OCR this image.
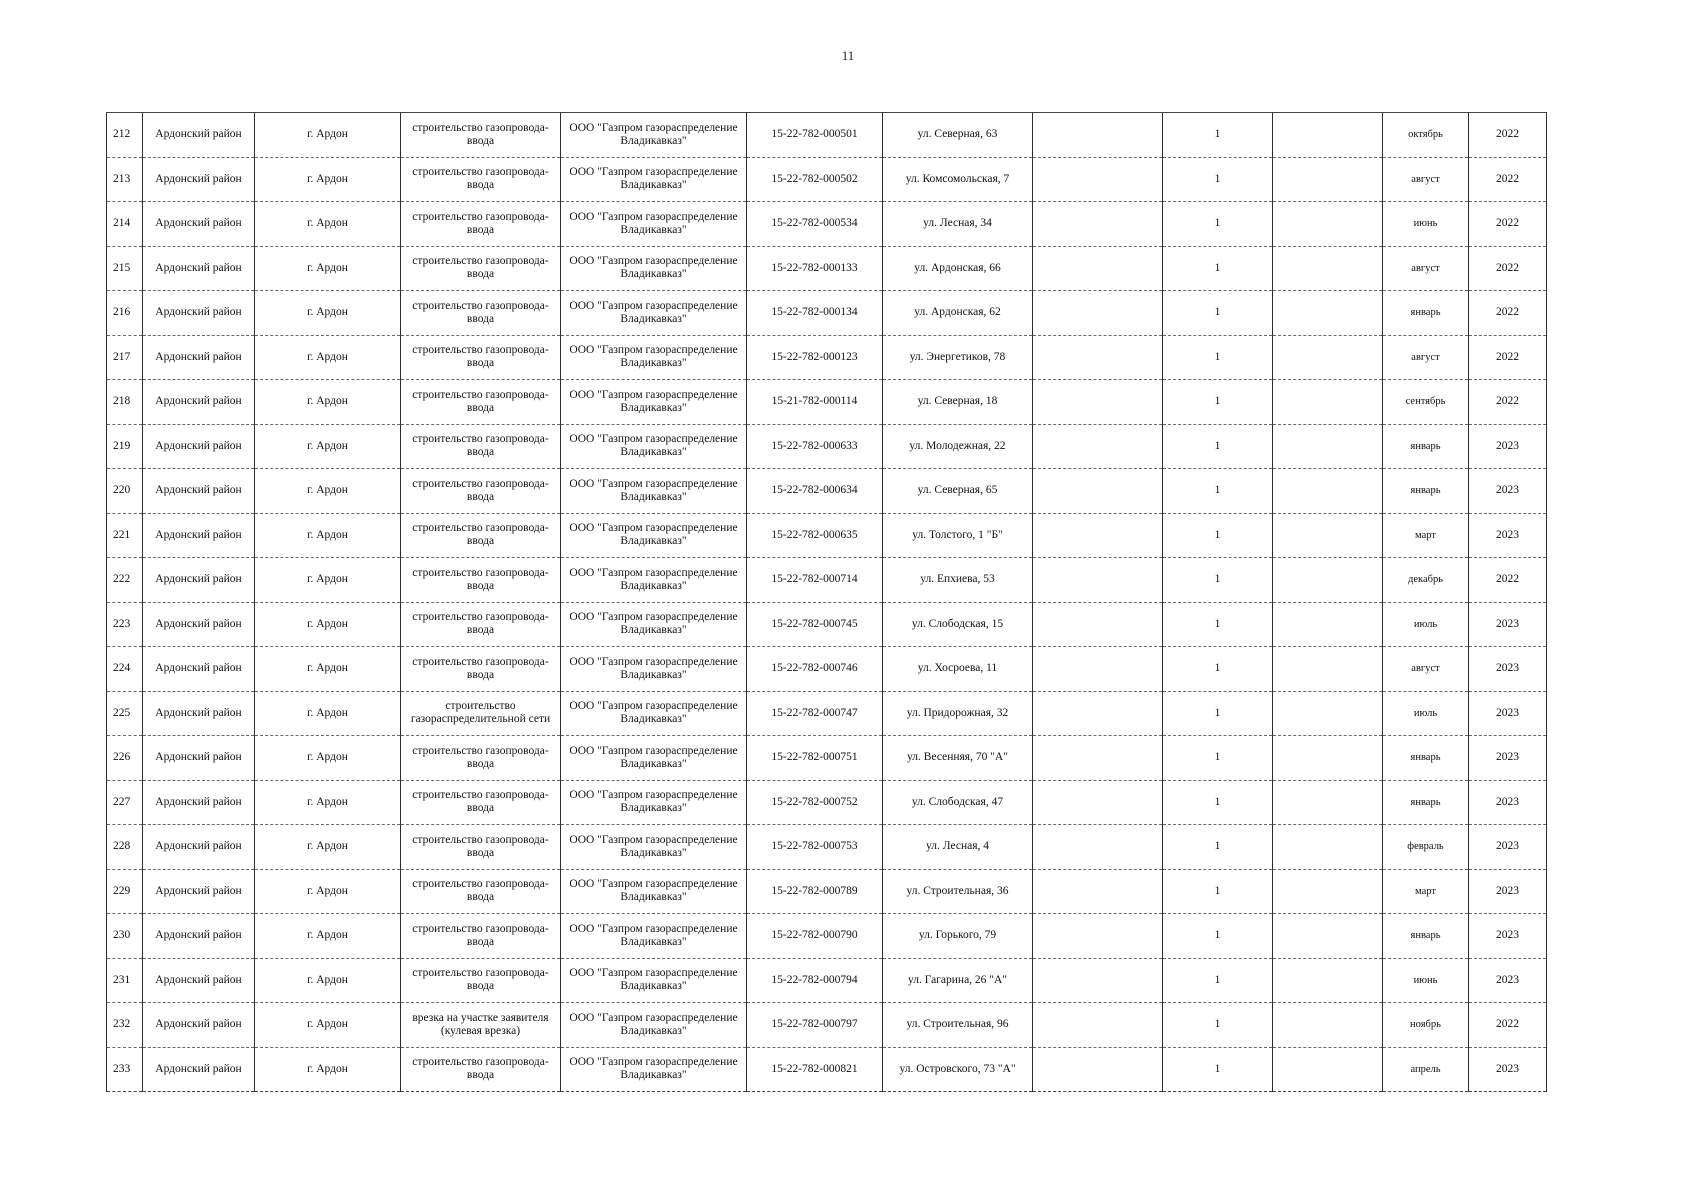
11
212	Ардонский район	г. Ардон	строительство газопровода-ввода	ООО "Газпром газораспределение Владикавказ"	15-22-782-000501	ул. Северная, 63		1		октябрь	2022
213	Ардонский район	г. Ардон	строительство газопровода-ввода	ООО "Газпром газораспределение Владикавказ"	15-22-782-000502	ул. Комсомольская, 7		1		август	2022
214	Ардонский район	г. Ардон	строительство газопровода-ввода	ООО "Газпром газораспределение Владикавказ"	15-22-782-000534	ул. Лесная, 34		1		июнь	2022
215	Ардонский район	г. Ардон	строительство газопровода-ввода	ООО "Газпром газораспределение Владикавказ"	15-22-782-000133	ул. Ардонская, 66		1		август	2022
216	Ардонский район	г. Ардон	строительство газопровода-ввода	ООО "Газпром газораспределение Владикавказ"	15-22-782-000134	ул. Ардонская, 62		1		январь	2022
217	Ардонский район	г. Ардон	строительство газопровода-ввода	ООО "Газпром газораспределение Владикавказ"	15-22-782-000123	ул. Энергетиков, 78		1		август	2022
218	Ардонский район	г. Ардон	строительство газопровода-ввода	ООО "Газпром газораспределение Владикавказ"	15-21-782-000114	ул. Северная, 18		1		сентябрь	2022
219	Ардонский район	г. Ардон	строительство газопровода-ввода	ООО "Газпром газораспределение Владикавказ"	15-22-782-000633	ул. Молодежная, 22		1		январь	2023
220	Ардонский район	г. Ардон	строительство газопровода-ввода	ООО "Газпром газораспределение Владикавказ"	15-22-782-000634	ул. Северная, 65		1		январь	2023
221	Ардонский район	г. Ардон	строительство газопровода-ввода	ООО "Газпром газораспределение Владикавказ"	15-22-782-000635	ул. Толстого, 1 "Б"		1		март	2023
222	Ардонский район	г. Ардон	строительство газопровода-ввода	ООО "Газпром газораспределение Владикавказ"	15-22-782-000714	ул. Епхиева, 53		1		декабрь	2022
223	Ардонский район	г. Ардон	строительство газопровода-ввода	ООО "Газпром газораспределение Владикавказ"	15-22-782-000745	ул. Слободская, 15		1		июль	2023
224	Ардонский район	г. Ардон	строительство газопровода-ввода	ООО "Газпром газораспределение Владикавказ"	15-22-782-000746	ул. Хосроева, 11		1		август	2023
225	Ардонский район	г. Ардон	строительство газораспределительной сети	ООО "Газпром газораспределение Владикавказ"	15-22-782-000747	ул. Придорожная, 32		1		июль	2023
226	Ардонский район	г. Ардон	строительство газопровода-ввода	ООО "Газпром газораспределение Владикавказ"	15-22-782-000751	ул. Весенняя, 70 "А"		1		январь	2023
227	Ардонский район	г. Ардон	строительство газопровода-ввода	ООО "Газпром газораспределение Владикавказ"	15-22-782-000752	ул. Слободская, 47		1		январь	2023
228	Ардонский район	г. Ардон	строительство газопровода-ввода	ООО "Газпром газораспределение Владикавказ"	15-22-782-000753	ул. Лесная, 4		1		февраль	2023
229	Ардонский район	г. Ардон	строительство газопровода-ввода	ООО "Газпром газораспределение Владикавказ"	15-22-782-000789	ул. Строительная, 36		1		март	2023
230	Ардонский район	г. Ардон	строительство газопровода-ввода	ООО "Газпром газораспределение Владикавказ"	15-22-782-000790	ул. Горького, 79		1		январь	2023
231	Ардонский район	г. Ардон	строительство газопровода-ввода	ООО "Газпром газораспределение Владикавказ"	15-22-782-000794	ул. Гагарина, 26 "А"		1		июнь	2023
232	Ардонский район	г. Ардон	врезка на участке заявителя (кулевая врезка)	ООО "Газпром газораспределение Владикавказ"	15-22-782-000797	ул. Строительная, 96		1		ноябрь	2022
233	Ардонский район	г. Ардон	строительство газопровода-ввода	ООО "Газпром газораспределение Владикавказ"	15-22-782-000821	ул. Островского, 73 "А"		1		апрель	2023
